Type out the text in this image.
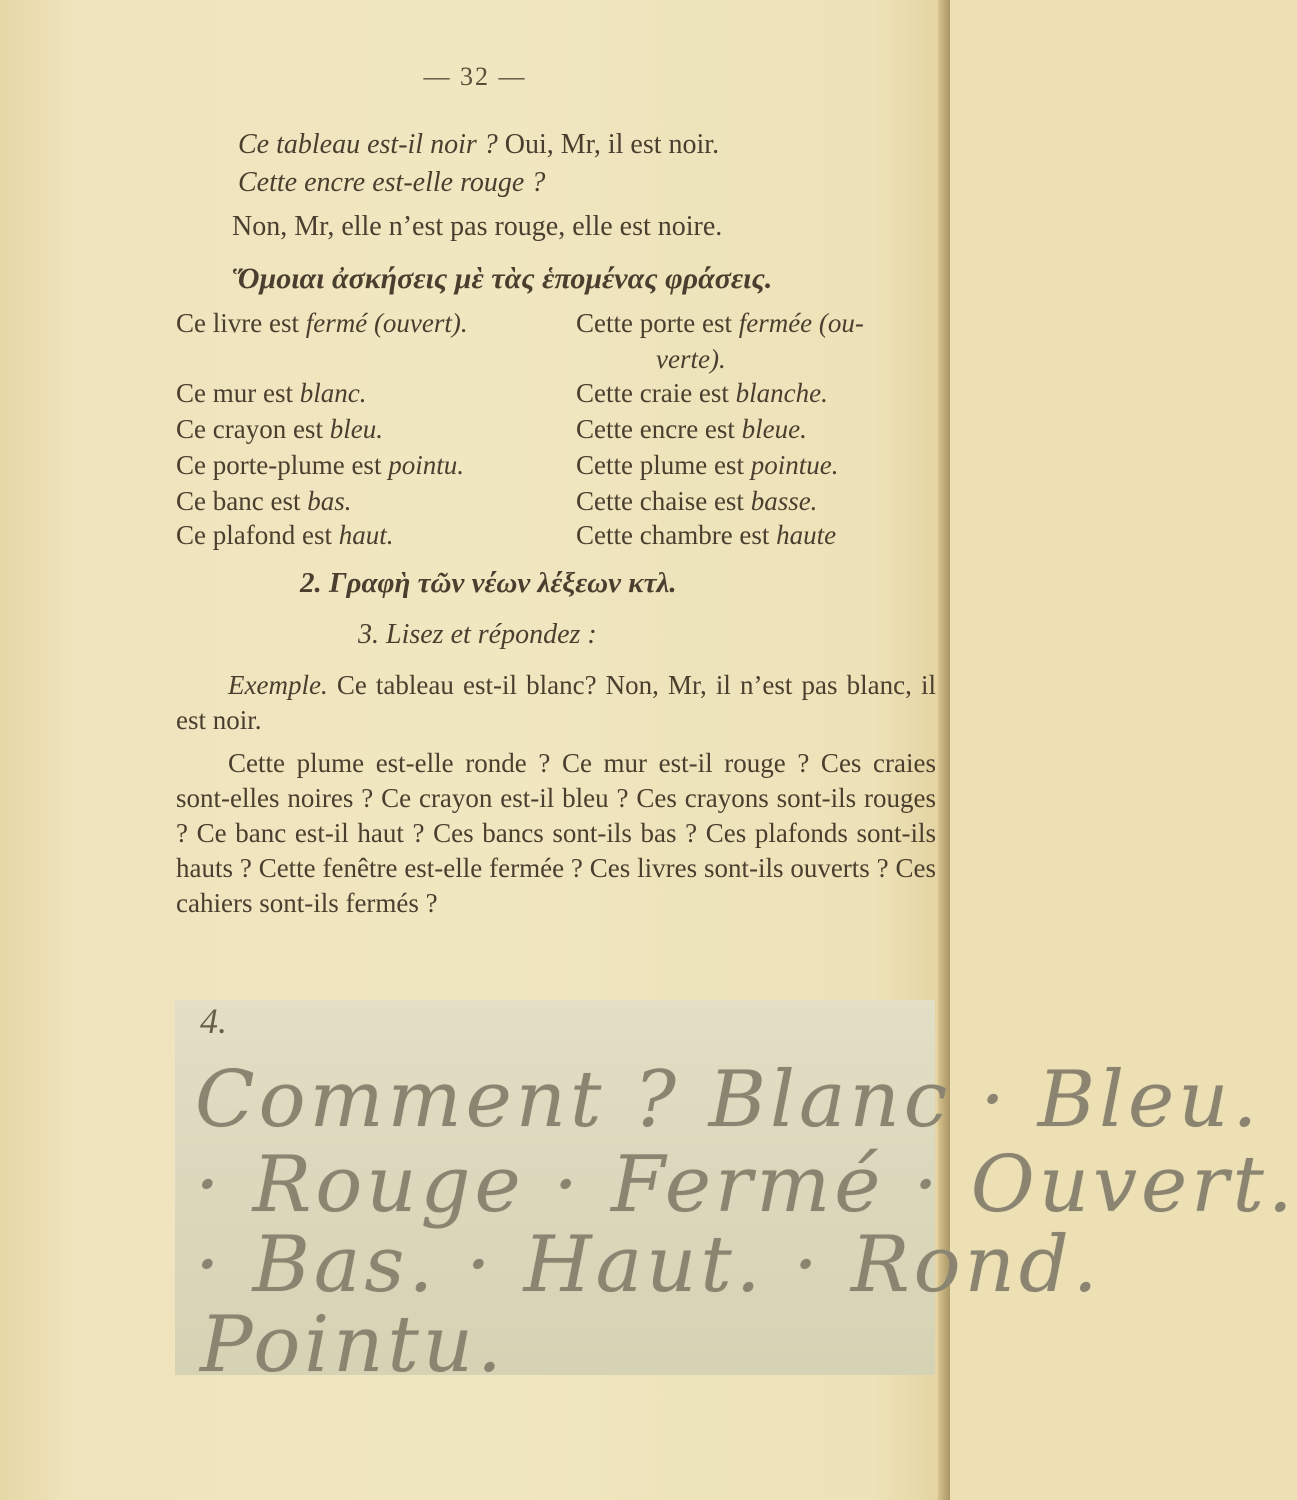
— 32 —
Ce tableau est-il noir ? Oui, Mr, il est noir.
Cette encre est-elle rouge ?
Non, Mr, elle n’est pas rouge, elle est noire.
Ὅμοιαι ἀσκήσεις μὲ τὰς ἑπομένας φράσεις.
Ce livre est fermé (ouvert).	Cette porte est fermée (ou-
verte).
Ce mur est blanc.	Cette craie est blanche.
Ce crayon est bleu.	Cette encre est bleue.
Ce porte-plume est pointu.	Cette plume est pointue.
Ce banc est bas.	Cette chaise est basse.
Ce plafond est haut.	Cette chambre est haute
2. Γραφὴ τῶν νέων λέξεων κτλ.
3. Lisez et répondez :
Exemple. Ce tableau est-il blanc? Non, Mr, il n’est pas blanc, il est noir.
Cette plume est-elle ronde ? Ce mur est-il rouge ? Ces craies sont-elles noires ? Ce crayon est-il bleu ? Ces crayons sont-ils rouges ? Ce banc est-il haut ? Ces bancs sont-ils bas ? Ces plafonds sont-ils hauts ? Cette fenêtre est-elle fermée ? Ces livres sont-ils ouverts ? Ces cahiers sont-ils fermés ?
4.
Comment ? Blanc · Bleu.
· Rouge · Fermé · Ouvert.
· Bas. · Haut. · Rond.
Pointu.
